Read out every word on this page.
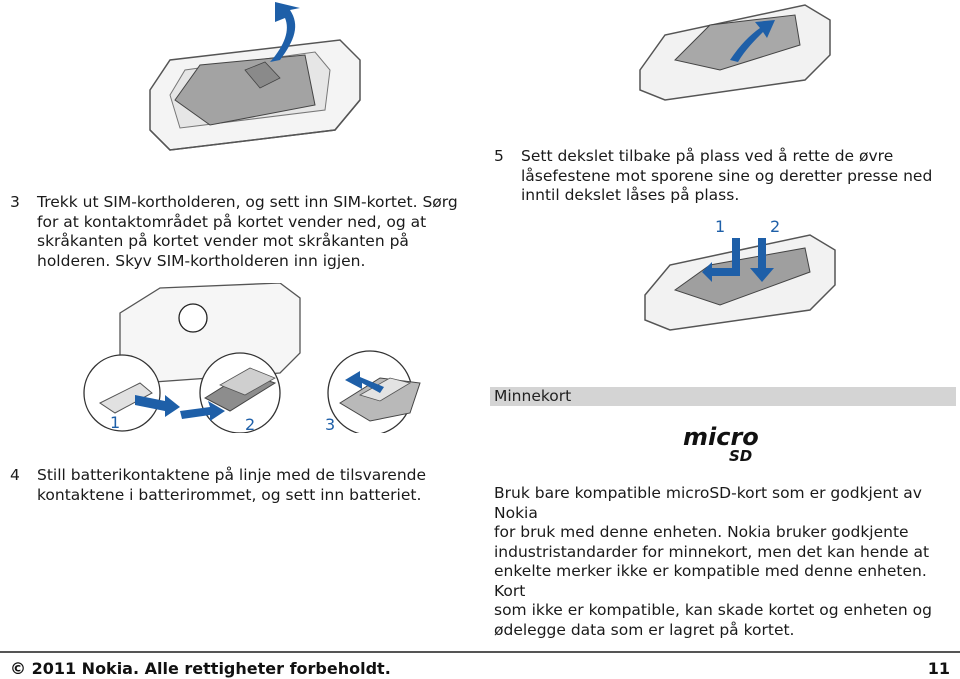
1	2
1	2	3
3 Trekk ut SIM-kortholderen, og sett inn SIM-kortet. Sørg
for at kontaktområdet på kortet vender ned, og at
skråkanten på kortet vender mot skråkanten på
holderen. Skyv SIM-kortholderen inn igjen.
4 Still batterikontaktene på linje med de tilsvarende
kontaktene i batterirommet, og sett inn batteriet.
5 Sett dekslet tilbake på plass ved å rette de øvre
låsefestene mot sporene sine og deretter presse ned
inntil dekslet låses på plass.
Minnekort
micro
SD
Bruk bare kompatible microSD-kort som er godkjent av Nokia
for bruk med denne enheten. Nokia bruker godkjente
industristandarder for minnekort, men det kan hende at
enkelte merker ikke er kompatible med denne enheten. Kort
som ikke er kompatible, kan skade kortet og enheten og
ødelegge data som er lagret på kortet.
© 2011 Nokia. Alle rettigheter forbeholdt.	11
